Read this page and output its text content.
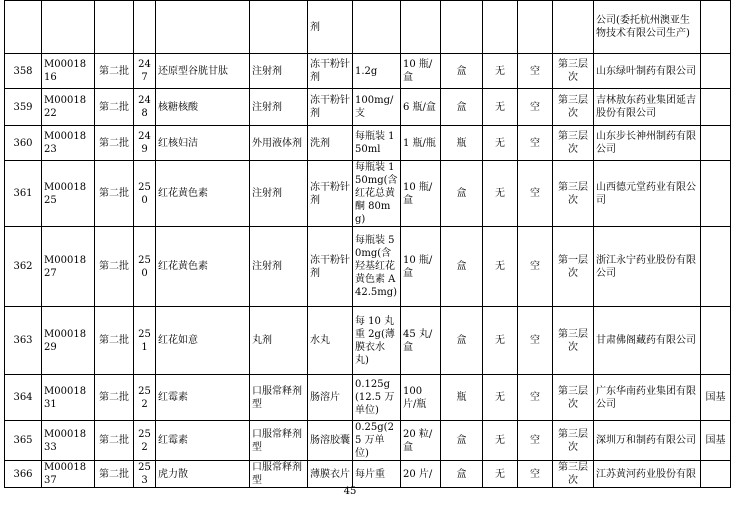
						剂							公司(委托杭州澳亚生物技术有限公司生产)	
358	M0001816	第二批	247	还原型谷胱甘肽	注射剂	冻干粉针剂	1.2g	10 瓶/盒	盒	无	空	第三层次	山东绿叶制药有限公司	
359	M0001822	第二批	248	核糖核酸	注射剂	冻干粉针剂	100mg/支	6 瓶/盒	盒	无	空	第三层次	吉林敖东药业集团延吉股份有限公司	
360	M0001823	第二批	249	红核妇洁	外用液体剂	洗剂	每瓶装 150ml	1 瓶/瓶	瓶	无	空	第三层次	山东步长神州制药有限公司	
361	M0001825	第二批	250	红花黄色素	注射剂	冻干粉针剂	每瓶装 150mg(含红花总黄酮 80mg)	10 瓶/盒	盒	无	空	第三层次	山西德元堂药业有限公司	
362	M0001827	第二批	250	红花黄色素	注射剂	冻干粉针剂	每瓶装 50mg(含羟基红花黄色素 A42.5mg)	10 瓶/盒	盒	无	空	第一层次	浙江永宁药业股份有限公司	
363	M0001829	第二批	251	红花如意	丸剂	水丸	每 10 丸重 2g(薄膜衣水丸)	45 丸/盒	盒	无	空	第三层次	甘肃佛阁藏药有限公司	
364	M0001831	第二批	252	红霉素	口服常释剂型	肠溶片	0.125g(12.5 万单位)	100 片/瓶	瓶	无	空	第三层次	广东华南药业集团有限公司	国基
365	M0001833	第二批	252	红霉素	口服常释剂型	肠溶胶囊	0.25g(25 万单位)	20 粒/盒	盒	无	空	第三层次	深圳万和制药有限公司	国基
366	M0001837	第二批	253	虎力散	口服常释剂型	薄膜衣片	每片重	20 片/	盒	无	空	第三层次	江苏黄河药业股份有限	
45
